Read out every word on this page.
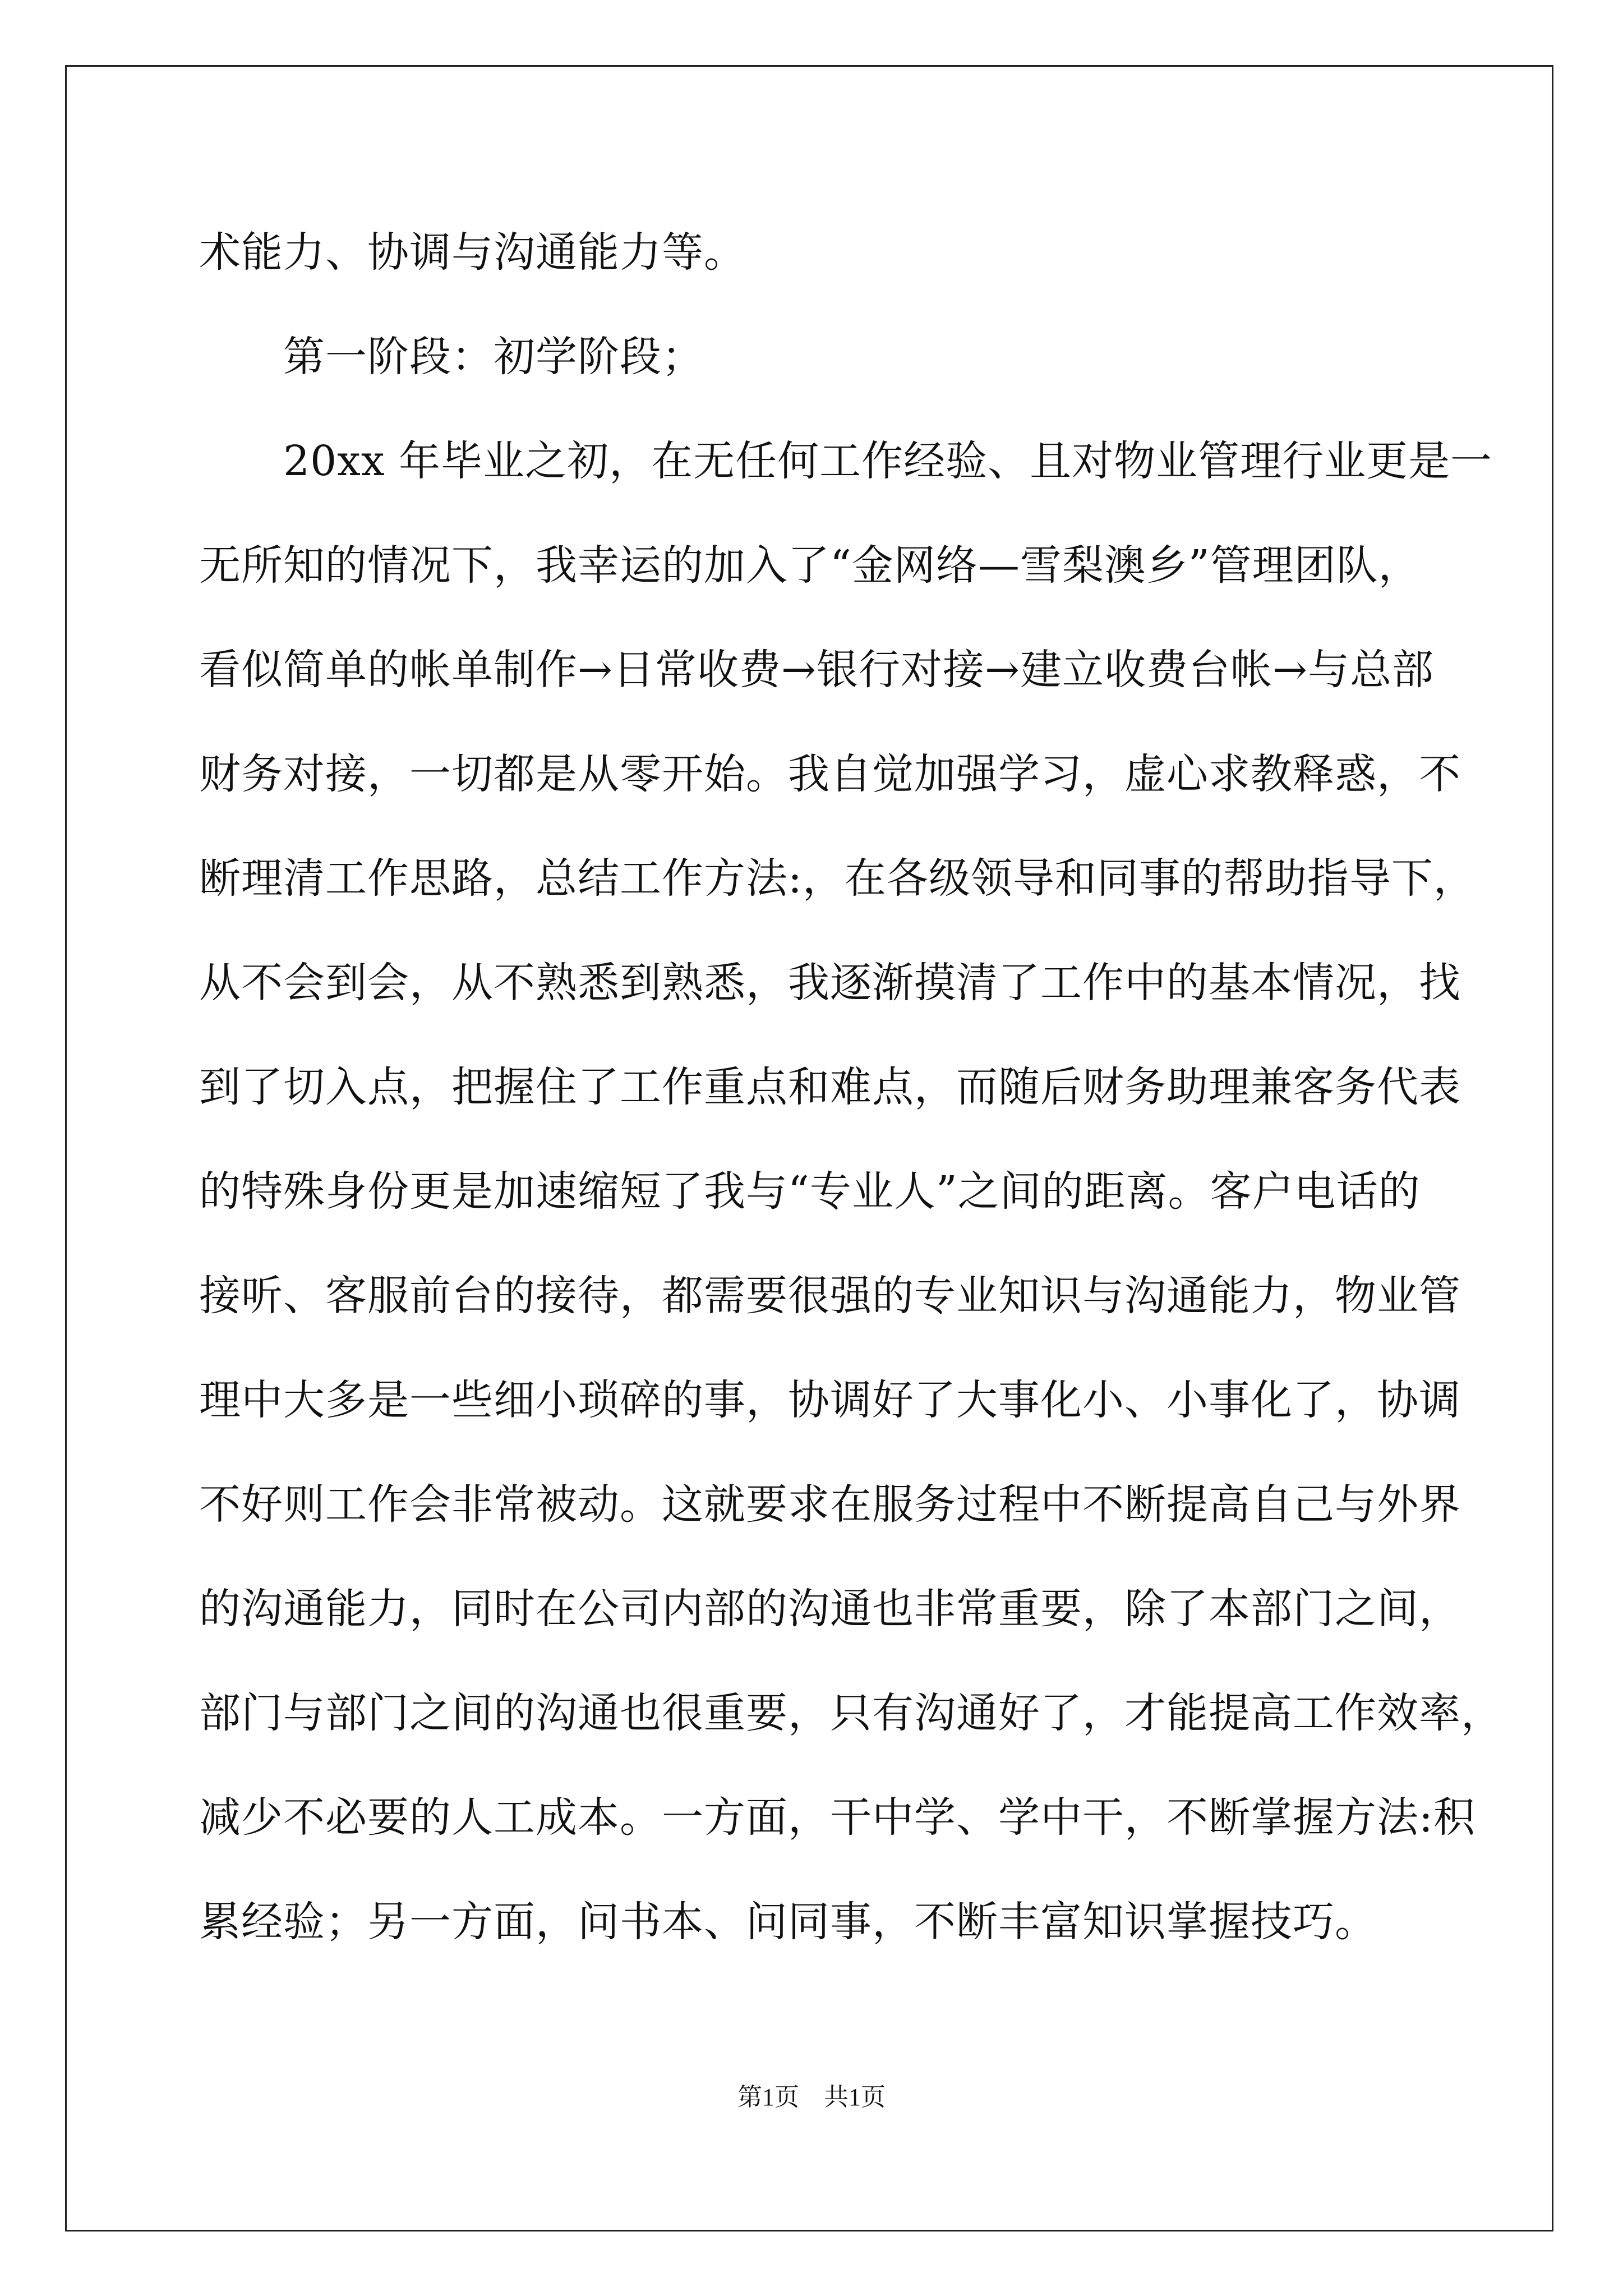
术能力、协调与沟通能力等。
　　第一阶段：初学阶段；
　　20xx 年毕业之初，在无任何工作经验、且对物业管理行业更是一
无所知的情况下，我幸运的加入了“金网络—雪梨澳乡”管理团队，
看似简单的帐单制作→日常收费→银行对接→建立收费台帐→与总部
财务对接，一切都是从零开始。我自觉加强学习，虚心求教释惑，不
断理清工作思路，总结工作方法:，在各级领导和同事的帮助指导下，
从不会到会，从不熟悉到熟悉，我逐渐摸清了工作中的基本情况，找
到了切入点，把握住了工作重点和难点，而随后财务助理兼客务代表
的特殊身份更是加速缩短了我与“专业人”之间的距离。客户电话的
接听、客服前台的接待，都需要很强的专业知识与沟通能力，物业管
理中大多是一些细小琐碎的事，协调好了大事化小、小事化了，协调
不好则工作会非常被动。这就要求在服务过程中不断提高自己与外界
的沟通能力，同时在公司内部的沟通也非常重要，除了本部门之间，
部门与部门之间的沟通也很重要，只有沟通好了，才能提高工作效率，
减少不必要的人工成本。一方面，干中学、学中干，不断掌握方法:积
累经验；另一方面，问书本、问同事，不断丰富知识掌握技巧。
第1页　共1页
